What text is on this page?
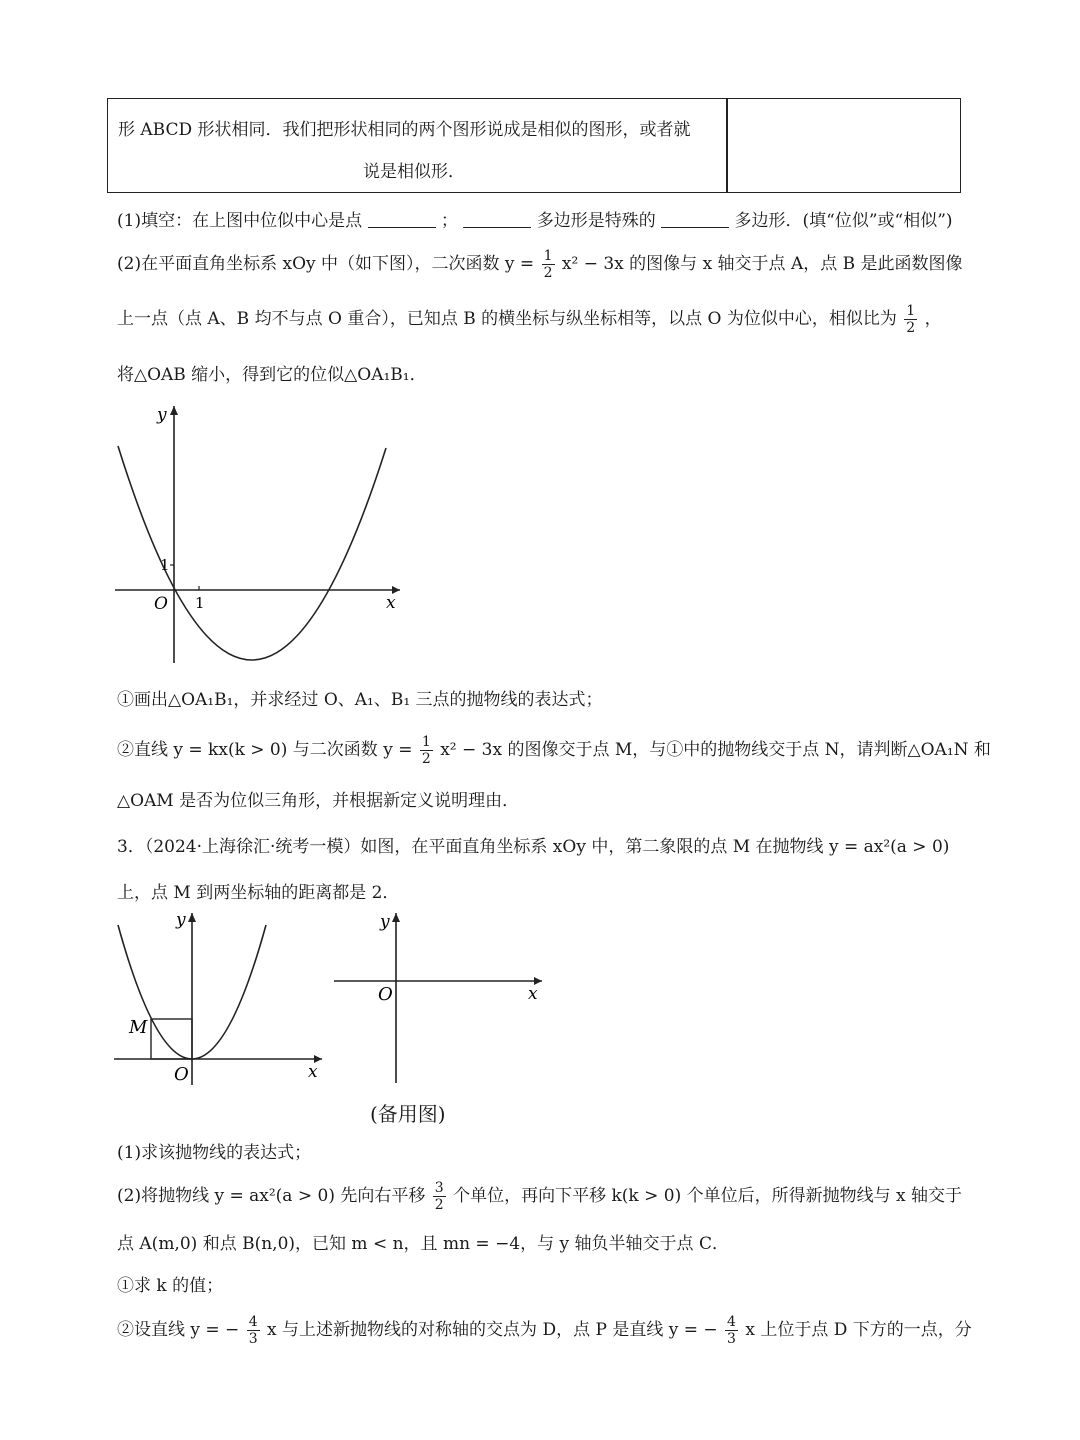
形 ABCD 形状相同．我们把形状相同的两个图形说成是相似的图形，或者就
说是相似形．
(1)填空：在上图中位似中心是点	；	多边形是特殊的	多边形．(填“位似”或“相似”)
(2)在平面直角坐标系 xOy 中（如下图），二次函数 $y = \frac{1}{2} x^2 - 3x$ 的图像与 x 轴交于点 A，点 B 是此函数图像
上一点（点 A、B 均不与点 O 重合），已知点 B 的横坐标与纵坐标相等，以点 O 为位似中心，相似比为 $\frac{1}{2}$ ，
将△OAB 缩小，得到它的位似△OA₁B₁．
y
x
O 1
1
①画出△OA₁B₁，并求经过 O、A₁、B₁ 三点的抛物线的表达式；
②直线 y = kx(k > 0) 与二次函数 $y = \frac{1}{2} x^2 - 3x$ 的图像交于点 M，与①中的抛物线交于点 N，请判断△OA₁N 和
△OAM 是否为位似三角形，并根据新定义说明理由．
3．（2024·上海徐汇·统考一模）如图，在平面直角坐标系 xOy 中，第二象限的点 M 在抛物线 y = ax²(a > 0)
上，点 M 到两坐标轴的距离都是 2．
y
x
O
M
y
x
O
(备用图)
(1)求该抛物线的表达式；
(2)将抛物线 y = ax²(a > 0) 先向右平移 $\frac{3}{2}$ 个单位，再向下平移 k(k > 0) 个单位后，所得新抛物线与 x 轴交于
点 A(m,0) 和点 B(n,0)，已知 m < n，且 mn = −4，与 y 轴负半轴交于点 C．
①求 k 的值；
②设直线 y = − $\frac{4}{3}$ x 与上述新抛物线的对称轴的交点为 D，点 P 是直线 y = − $\frac{4}{3}$ x 上位于点 D 下方的一点，分
